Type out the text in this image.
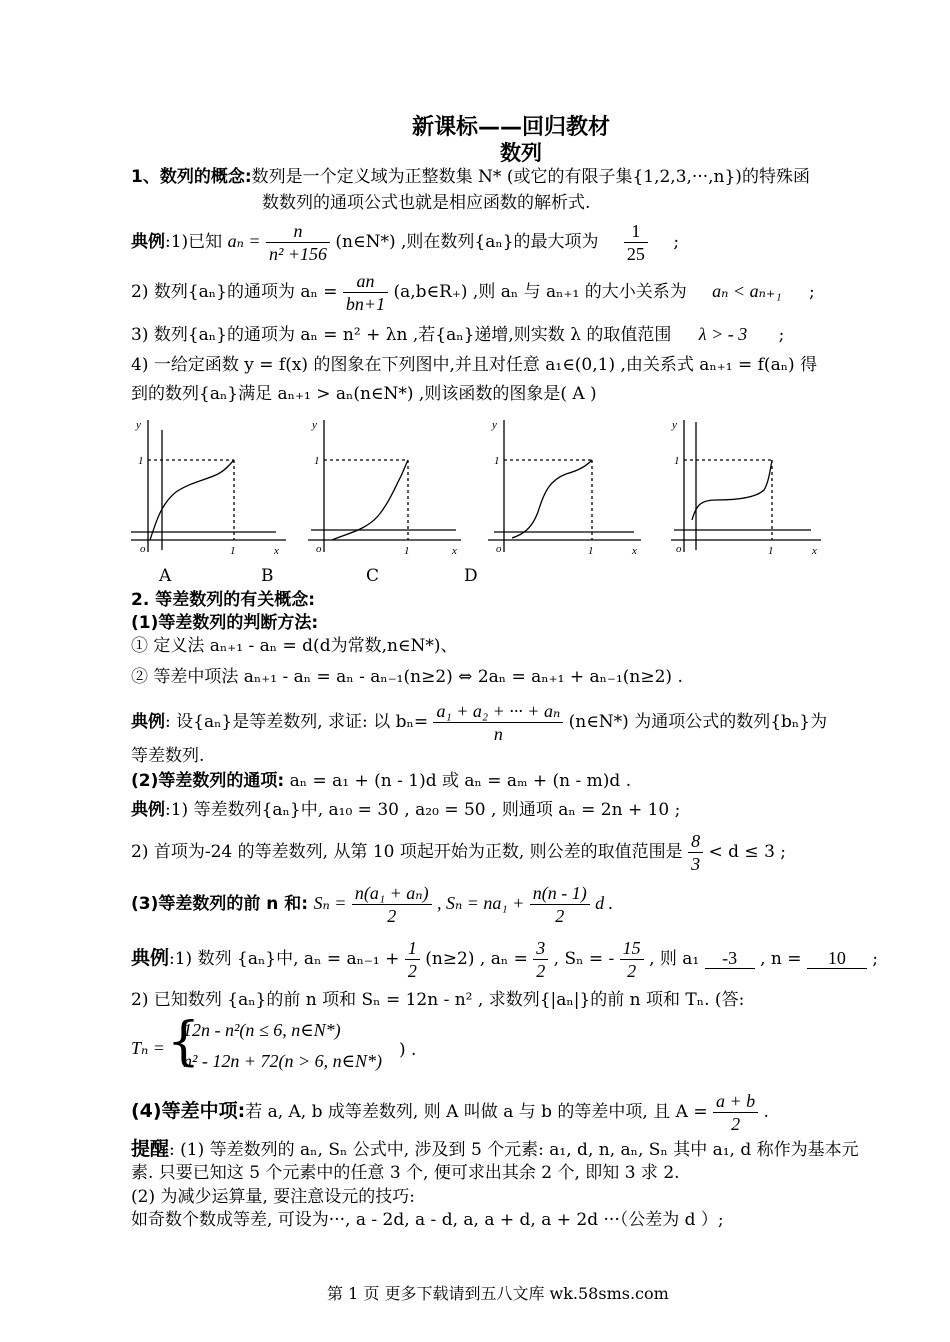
新课标——回归教材
数列
1、数列的概念:数列是一个定义域为正整数集 N* (或它的有限子集{1,2,3,···,n})的特殊函
数数列的通项公式也就是相应函数的解析式.
典例:1)已知 $a_n = \frac{n}{\text{n² +156}}$ (n∈N*) ,则在数列{aₙ}的最大项为 $\frac{1}{25}$ ;
2) 数列{aₙ}的通项为 $a_n = \frac{an}{bn+1}$ (a,b∈R₊) ,则 aₙ 与 aₙ₊₁ 的大小关系为 aₙ < aₙ₊₁ ;
3) 数列{aₙ}的通项为 aₙ = n² + λn ,若{aₙ}递增,则实数 λ 的取值范围 λ > - 3 ;
4) 一给定函数 y = f(x) 的图象在下列图中,并且对任意 a₁∈(0,1) ,由关系式 aₙ₊₁ = f(aₙ) 得
到的数列{aₙ}满足 aₙ₊₁ > aₙ(n∈N*) ,则该函数的图象是( A )
y
o
1
1	x
y
o
1
1	x
y
o
1
1	x
y
o
1
1	x
A	B	C	D
2. 等差数列的有关概念:
(1)等差数列的判断方法:
① 定义法 aₙ₊₁ - aₙ = d(d为常数,n∈N*)、
② 等差中项法 aₙ₊₁ - aₙ = aₙ - aₙ₋₁(n≥2) ⇔ 2aₙ = aₙ₊₁ + aₙ₋₁(n≥2) .
典例: 设{aₙ}是等差数列, 求证: 以 $b_n= \frac{\text{a₁ + a₂ + ··· + aₙ}}{n}$ (n∈N*) 为通项公式的数列{bₙ}为
等差数列.
(2)等差数列的通项: aₙ = a₁ + (n - 1)d 或 aₙ = aₘ + (n - m)d .
典例:1) 等差数列{aₙ}中, a₁₀ = 30 , a₂₀ = 50 , 则通项 aₙ = 2n + 10 ;
2) 首项为-24 的等差数列, 从第 10 项起开始为正数, 则公差的取值范围是 $\frac{8}{3} < d \le 3$ ;
(3)等差数列的前 n 和: $S_n = \frac{\text{n(a₁ + aₙ)}}{2}$ , $S_n = na_1 + \frac{n(n - 1)}{2}$ d .
典例:1) 数列 {aₙ}中, $a_n = a_{n-1} + \frac{1}{2} (n\ge 2)$ , $a_n = \frac{3}{2}$ , Sₙ = - $\frac{15}{2}$ , 则 a₁ -3 , n = 10 ;
2) 已知数列 {aₙ}的前 n 项和 Sₙ = 12n - n² , 求数列{|aₙ|}的前 n 项和 Tₙ. (答:
Tₙ = {
12n - n²(n ≤ 6, n∈N*)
n² - 12n + 72(n > 6, n∈N*)
) .
(4)等差中项:若 a, A, b 成等差数列, 则 A 叫做 a 与 b 的等差中项, 且 $A = \frac{a + b}{2}$ .
提醒: (1) 等差数列的 aₙ, Sₙ 公式中, 涉及到 5 个元素: a₁, d, n, aₙ, Sₙ 其中 a₁, d 称作为基本元
素. 只要已知这 5 个元素中的任意 3 个, 便可求出其余 2 个, 即知 3 求 2.
(2) 为减少运算量, 要注意设元的技巧:
如奇数个数成等差, 可设为···, a - 2d, a - d, a, a + d, a + 2d ···（公差为 d ）;
第 1 页 更多下载请到五八文库 wk.58sms.com
